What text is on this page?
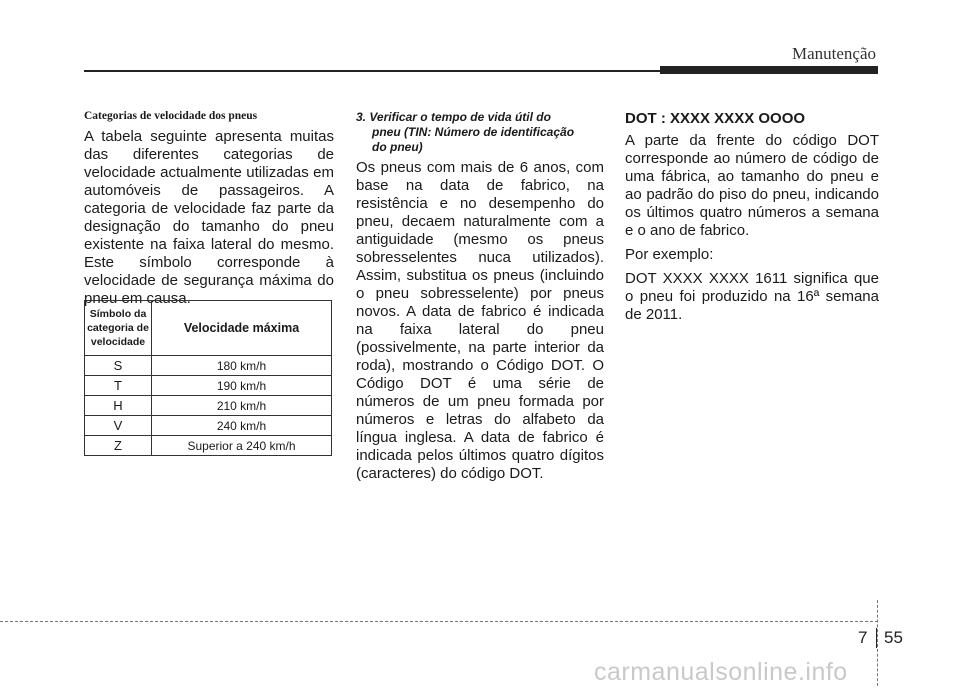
Manutenção
Categorias de velocidade dos pneus

A tabela seguinte apresenta muitas das diferentes categorias de velocidade actualmente utilizadas em automóveis de passageiros. A categoria de velocidade faz parte da designação do tamanho do pneu existente na faixa lateral do mesmo. Este símbolo corresponde à velocidade de segurança máxima do pneu em causa.

Símbolo da categoria de velocidade	Velocidade máxima
S	180 km/h
T	190 km/h
H	210 km/h
V	240 km/h
Z	Superior a 240 km/h
3. Verificar o tempo de vida útil do
pneu (TIN: Número de identificação
do pneu)

Os pneus com mais de 6 anos, com base na data de fabrico, na resistência e no desempenho do pneu, decaem naturalmente com a antiguidade (mesmo os pneus sobresselentes nuca utilizados). Assim, substitua os pneus (incluindo o pneu sobresselente) por pneus novos. A data de fabrico é indicada na faixa lateral do pneu (possivelmente, na parte interior da roda), mostrando o Código DOT. O Código DOT é uma série de números de um pneu formada por números e letras do alfabeto da língua inglesa. A data de fabrico é indicada pelos últimos quatro dígitos (caracteres) do código DOT.

DOT : XXXX XXXX OOOO

A parte da frente do código DOT corresponde ao número de código de uma fábrica, ao tamanho do pneu e ao padrão do piso do pneu, indicando os últimos quatro números a semana e o ano de fabrico.

Por exemplo:

DOT XXXX XXXX 1611 significa que o pneu foi produzido na 16ª semana de 2011.

7 55
carmanualsonline.info
